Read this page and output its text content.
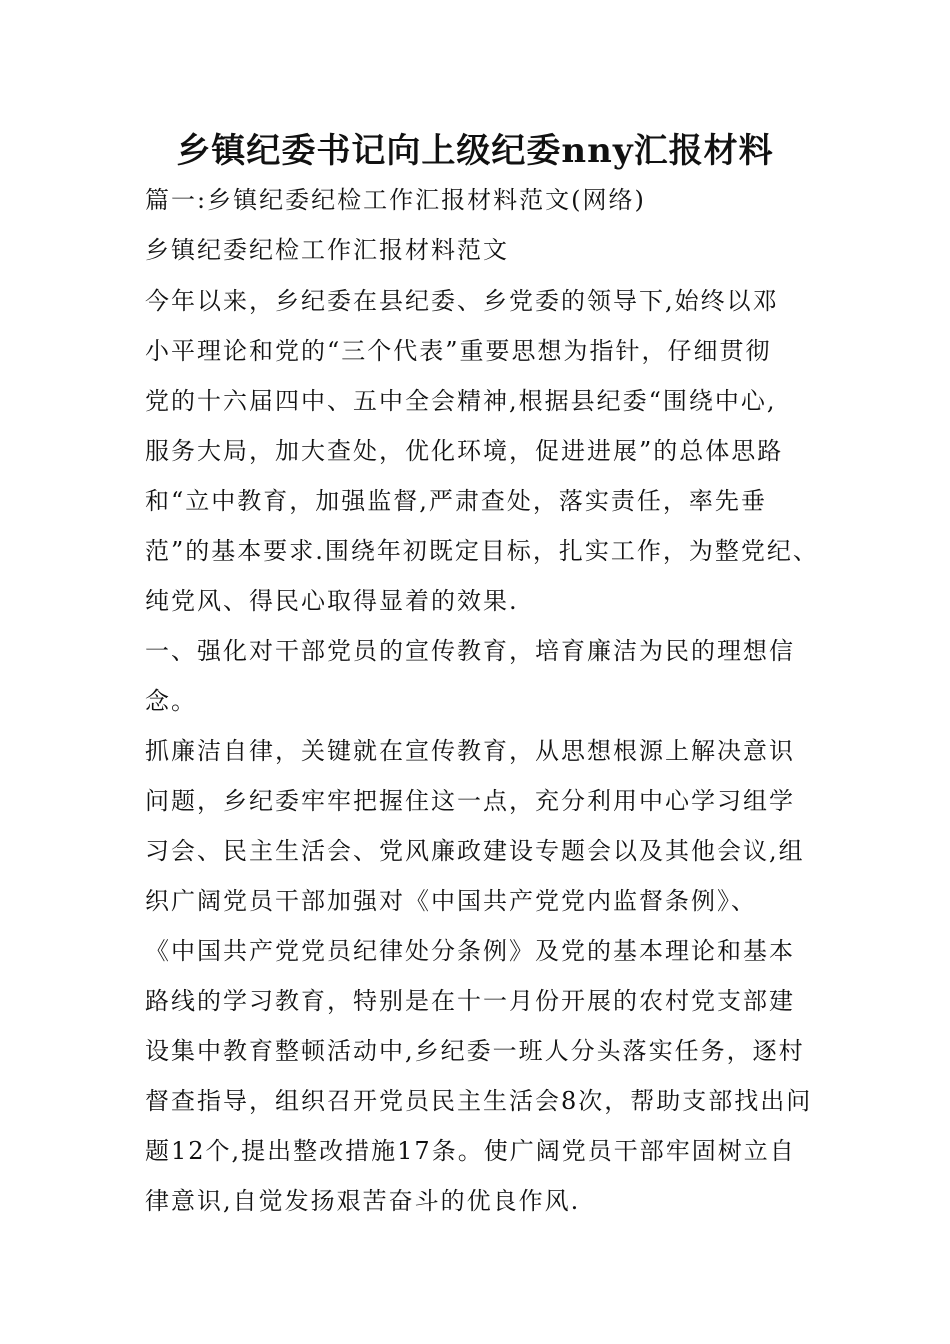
乡镇纪委书记向上级纪委nny汇报材料
篇一:乡镇纪委纪检工作汇报材料范文(网络)
乡镇纪委纪检工作汇报材料范文
今年以来，乡纪委在县纪委、乡党委的领导下,始终以邓
小平理论和党的“三个代表”重要思想为指针，仔细贯彻
党的十六届四中、五中全会精神,根据县纪委“围绕中心,
服务大局，加大查处，优化环境，促进进展”的总体思路
和“立中教育，加强监督,严肃查处，落实责任，率先垂
范”的基本要求.围绕年初既定目标，扎实工作，为整党纪、
纯党风、得民心取得显着的效果.
一、强化对干部党员的宣传教育，培育廉洁为民的理想信
念。
抓廉洁自律，关键就在宣传教育，从思想根源上解决意识
问题，乡纪委牢牢把握住这一点，充分利用中心学习组学
习会、民主生活会、党风廉政建设专题会以及其他会议,组
织广阔党员干部加强对《中国共产党党内监督条例》、
《中国共产党党员纪律处分条例》及党的基本理论和基本
路线的学习教育，特别是在十一月份开展的农村党支部建
设集中教育整顿活动中,乡纪委一班人分头落实任务，逐村
督查指导，组织召开党员民主生活会8次，帮助支部找出问
题12个,提出整改措施17条。使广阔党员干部牢固树立自
律意识,自觉发扬艰苦奋斗的优良作风.
